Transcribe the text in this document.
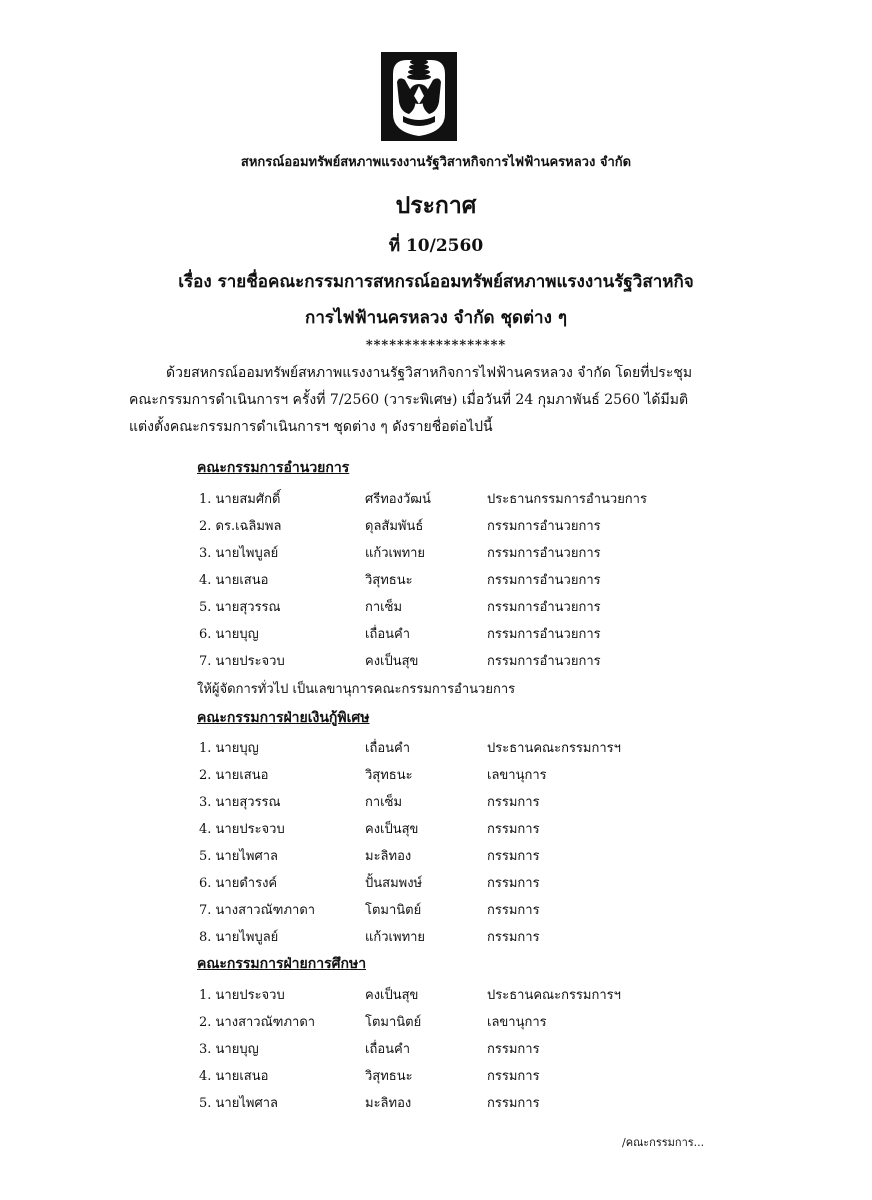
สหกรณ์ออมทรัพย์สหภาพแรงงานรัฐวิสาหกิจการไฟฟ้านครหลวง จำกัด
ประกาศ
ที่ 10/2560
เรื่อง รายชื่อคณะกรรมการสหกรณ์ออมทรัพย์สหภาพแรงงานรัฐวิสาหกิจ
การไฟฟ้านครหลวง จำกัด ชุดต่าง ๆ
******************
ด้วยสหกรณ์ออมทรัพย์สหภาพแรงงานรัฐวิสาหกิจการไฟฟ้านครหลวง จำกัด โดยที่ประชุม
คณะกรรมการดำเนินการฯ ครั้งที่ 7/2560 (วาระพิเศษ) เมื่อวันที่ 24 กุมภาพันธ์ 2560 ได้มีมติ
แต่งตั้งคณะกรรมการดำเนินการฯ ชุดต่าง ๆ ดังรายชื่อต่อไปนี้
คณะกรรมการอำนวยการ
1. นายสมศักดิ์	ศรีทองวัฒน์	ประธานกรรมการอำนวยการ
2. ดร.เฉลิมพล	ดุลสัมพันธ์	กรรมการอำนวยการ
3. นายไพบูลย์	แก้วเพทาย	กรรมการอำนวยการ
4. นายเสนอ	วิสุทธนะ	กรรมการอำนวยการ
5. นายสุวรรณ	กาเซ็ม	กรรมการอำนวยการ
6. นายบุญ	เถื่อนคำ	กรรมการอำนวยการ
7. นายประจวบ	คงเป็นสุข	กรรมการอำนวยการ
ให้ผู้จัดการทั่วไป เป็นเลขานุการคณะกรรมการอำนวยการ
คณะกรรมการฝ่ายเงินกู้พิเศษ
1. นายบุญ	เถื่อนคำ	ประธานคณะกรรมการฯ
2. นายเสนอ	วิสุทธนะ	เลขานุการ
3. นายสุวรรณ	กาเซ็ม	กรรมการ
4. นายประจวบ	คงเป็นสุข	กรรมการ
5. นายไพศาล	มะลิทอง	กรรมการ
6. นายดำรงค์	ปั้นสมพงษ์	กรรมการ
7. นางสาวณัฑภาดา	โตมานิตย์	กรรมการ
8. นายไพบูลย์	แก้วเพทาย	กรรมการ
คณะกรรมการฝ่ายการศึกษา
1. นายประจวบ	คงเป็นสุข	ประธานคณะกรรมการฯ
2. นางสาวณัฑภาดา	โตมานิตย์	เลขานุการ
3. นายบุญ	เถื่อนคำ	กรรมการ
4. นายเสนอ	วิสุทธนะ	กรรมการ
5. นายไพศาล	มะลิทอง	กรรมการ
/คณะกรรมการ...
